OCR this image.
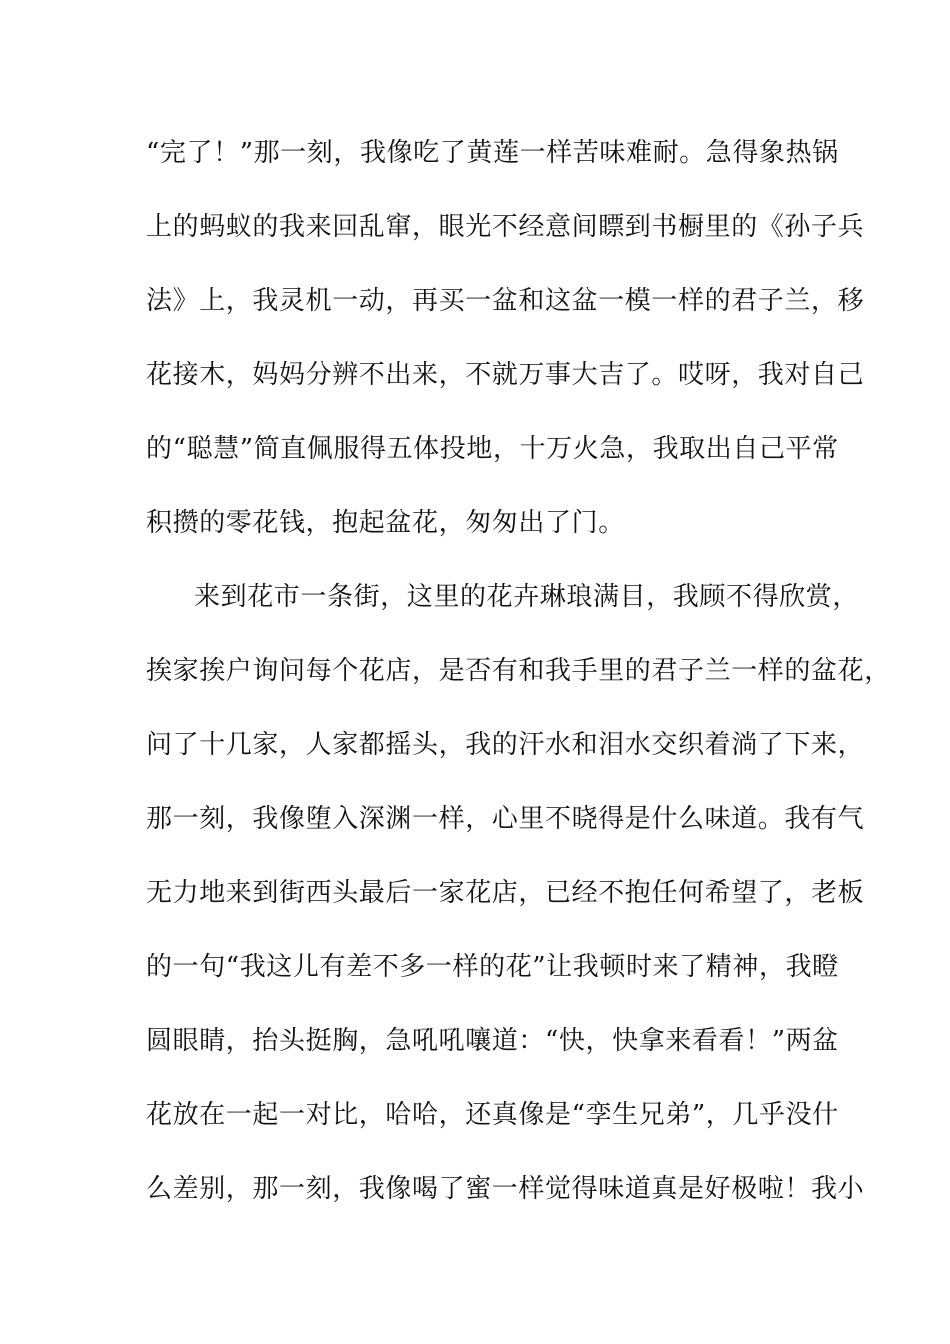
“完了！”那一刻，我像吃了黄莲一样苦味难耐。急得象热锅
上的蚂蚁的我来回乱窜，眼光不经意间瞟到书橱里的《孙子兵
法》上，我灵机一动，再买一盆和这盆一模一样的君子兰，移
花接木，妈妈分辨不出来，不就万事大吉了。哎呀，我对自己
的“聪慧”简直佩服得五体投地，十万火急，我取出自己平常
积攒的零花钱，抱起盆花，匆匆出了门。
来到花市一条街，这里的花卉琳琅满目，我顾不得欣赏，
挨家挨户询问每个花店，是否有和我手里的君子兰一样的盆花，
问了十几家，人家都摇头，我的汗水和泪水交织着淌了下来，
那一刻，我像堕入深渊一样，心里不晓得是什么味道。我有气
无力地来到街西头最后一家花店，已经不抱任何希望了，老板
的一句“我这儿有差不多一样的花”让我顿时来了精神，我瞪
圆眼睛，抬头挺胸，急吼吼嚷道：“快，快拿来看看！”两盆
花放在一起一对比，哈哈，还真像是“孪生兄弟”，几乎没什
么差别，那一刻，我像喝了蜜一样觉得味道真是好极啦！我小
